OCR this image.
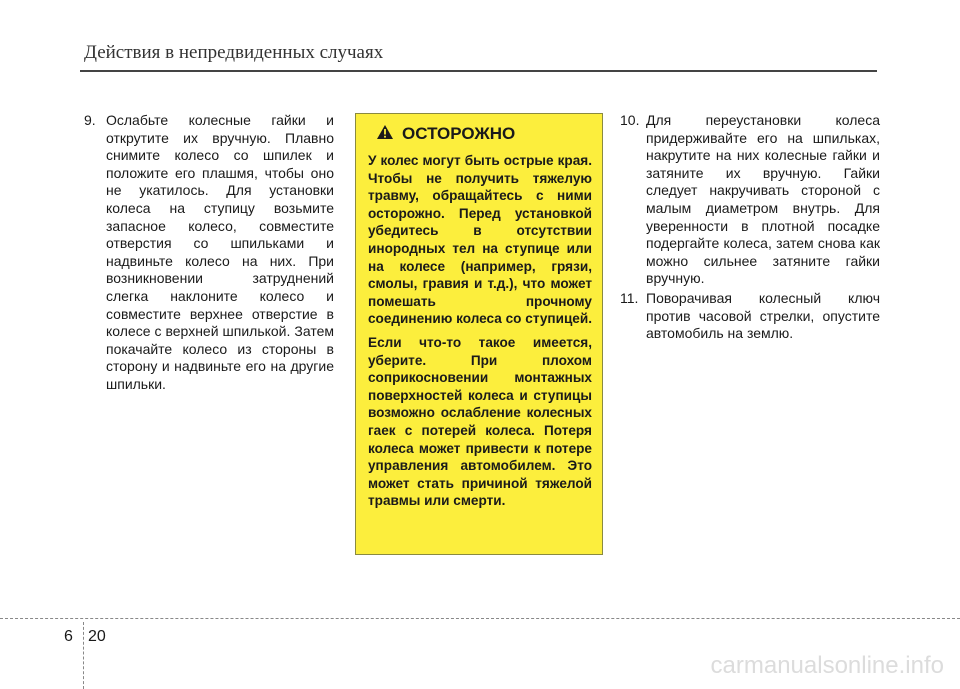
Действия в непредвиденных случаях
9. Ослабьте колесные гайки и открутите их вручную. Плавно снимите колесо со шпилек и положите его плашмя, чтобы оно не укатилось. Для установки колеса на ступицу возьмите запасное колесо, совместите отверстия со шпильками и надвиньте колесо на них. При возникновении затруднений слегка наклоните колесо и совместите верхнее отверстие в колесе с верхней шпилькой. Затем покачайте колесо из стороны в сторону и надвиньте его на другие шпильки.
ОСТОРОЖНО

У колес могут быть острые края. Чтобы не получить тяжелую травму, обращайтесь с ними осторожно. Перед установкой убедитесь в отсутствии инородных тел на ступице или на колесе (например, грязи, смолы, гравия и т.д.), что может помешать прочному соединению колеса со ступицей.

Если что-то такое имеется, уберите. При плохом соприкосновении монтажных поверхностей колеса и ступицы возможно ослабление колесных гаек с потерей колеса. Потеря колеса может привести к потере управления автомобилем. Это может стать причиной тяжелой травмы или смерти.

10. Для переустановки колеса придерживайте его на шпильках, накрутите на них колесные гайки и затяните их вручную. Гайки следует накручивать стороной с малым диаметром внутрь. Для уверенности в плотной посадке подергайте колеса, затем снова как можно сильнее затяните гайки вручную.
11. Поворачивая колесный ключ против часовой стрелки, опустите автомобиль на землю.
6 20
carmanualsonline.info
